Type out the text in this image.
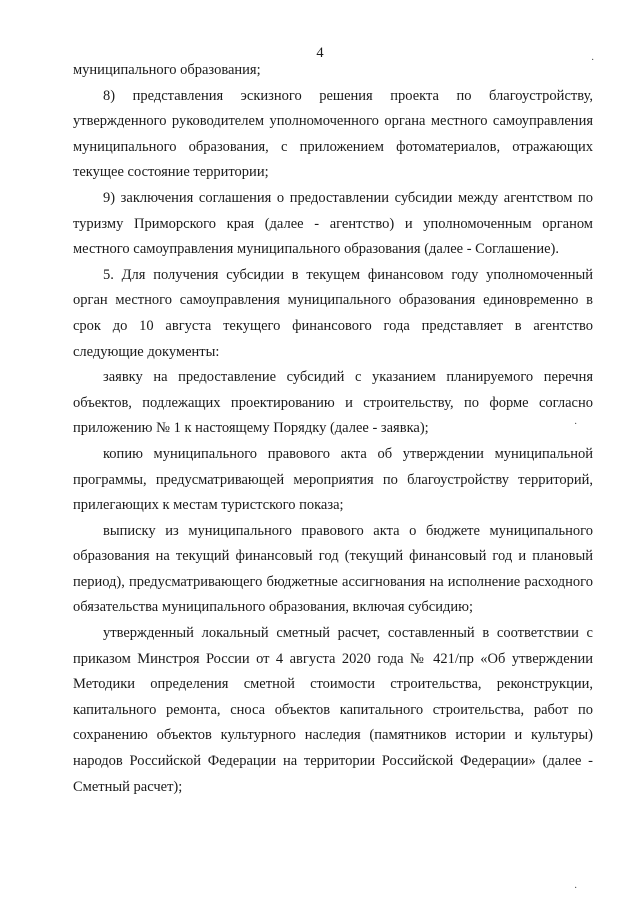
4

муниципального образования;

8) представления эскизного решения проекта по благоустройству, утвержденного руководителем уполномоченного органа местного самоуправления муниципального образования, с приложением фотоматериалов, отражающих текущее состояние территории;

9) заключения соглашения о предоставлении субсидии между агентством по туризму Приморского края (далее - агентство) и уполномоченным органом местного самоуправления муниципального образования (далее - Соглашение).

5. Для получения субсидии в текущем финансовом году уполномоченный орган местного самоуправления муниципального образования единовременно в срок до 10 августа текущего финансового года представляет в агентство следующие документы:

заявку на предоставление субсидий с указанием планируемого перечня объектов, подлежащих проектированию и строительству, по форме согласно приложению № 1 к настоящему Порядку (далее - заявка);

копию муниципального правового акта об утверждении муниципальной программы, предусматривающей мероприятия по благоустройству территорий, прилегающих к местам туристского показа;

выписку из муниципального правового акта о бюджете муниципального образования на текущий финансовый год (текущий финансовый год и плановый период), предусматривающего бюджетные ассигнования на исполнение расходного обязательства муниципального образования, включая субсидию;

утвержденный локальный сметный расчет, составленный в соответствии с приказом Минстроя России от 4 августа 2020 года № 421/пр «Об утверждении Методики определения сметной стоимости строительства, реконструкции, капитального ремонта, сноса объектов капитального строительства, работ по сохранению объектов культурного наследия (памятников истории и культуры) народов Российской Федерации на территории Российской Федерации» (далее - Сметный расчет);

·
·
·
